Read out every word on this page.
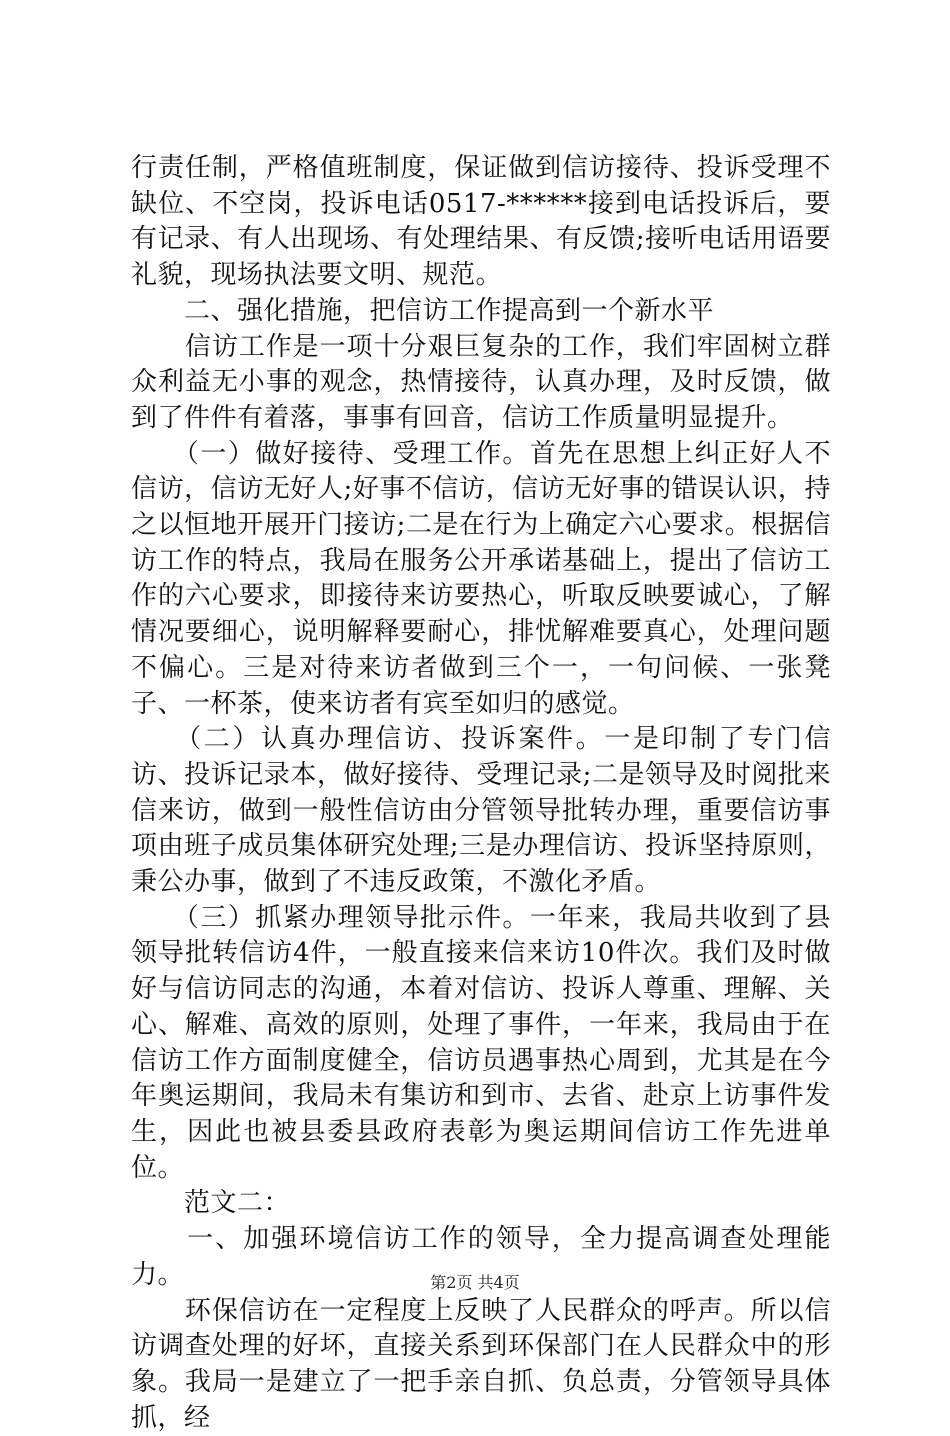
行责任制，严格值班制度，保证做到信访接待、投诉受理不缺位、不空岗，投诉电话0517-******接到电话投诉后，要有记录、有人出现场、有处理结果、有反馈;接听电话用语要礼貌，现场执法要文明、规范。

　　二、强化措施，把信访工作提高到一个新水平

　　信访工作是一项十分艰巨复杂的工作，我们牢固树立群众利益无小事的观念，热情接待，认真办理，及时反馈，做到了件件有着落，事事有回音，信访工作质量明显提升。

　　（一）做好接待、受理工作。首先在思想上纠正好人不信访，信访无好人;好事不信访，信访无好事的错误认识，持之以恒地开展开门接访;二是在行为上确定六心要求。根据信访工作的特点，我局在服务公开承诺基础上，提出了信访工作的六心要求，即接待来访要热心，听取反映要诚心，了解情况要细心，说明解释要耐心，排忧解难要真心，处理问题不偏心。三是对待来访者做到三个一，一句问候、一张凳子、一杯茶，使来访者有宾至如归的感觉。

　　（二）认真办理信访、投诉案件。一是印制了专门信访、投诉记录本，做好接待、受理记录;二是领导及时阅批来信来访，做到一般性信访由分管领导批转办理，重要信访事项由班子成员集体研究处理;三是办理信访、投诉坚持原则，秉公办事，做到了不违反政策，不激化矛盾。

　　（三）抓紧办理领导批示件。一年来，我局共收到了县领导批转信访4件，一般直接来信来访10件次。我们及时做好与信访同志的沟通，本着对信访、投诉人尊重、理解、关心、解难、高效的原则，处理了事件，一年来，我局由于在信访工作方面制度健全，信访员遇事热心周到，尤其是在今年奥运期间，我局未有集访和到市、去省、赴京上访事件发生，因此也被县委县政府表彰为奥运期间信访工作先进单位。

　　范文二：

　　一、加强环境信访工作的领导，全力提高调查处理能力。

　　环保信访在一定程度上反映了人民群众的呼声。所以信访调查处理的好坏，直接关系到环保部门在人民群众中的形象。我局一是建立了一把手亲自抓、负总责，分管领导具体抓，经

第2页 共4页
